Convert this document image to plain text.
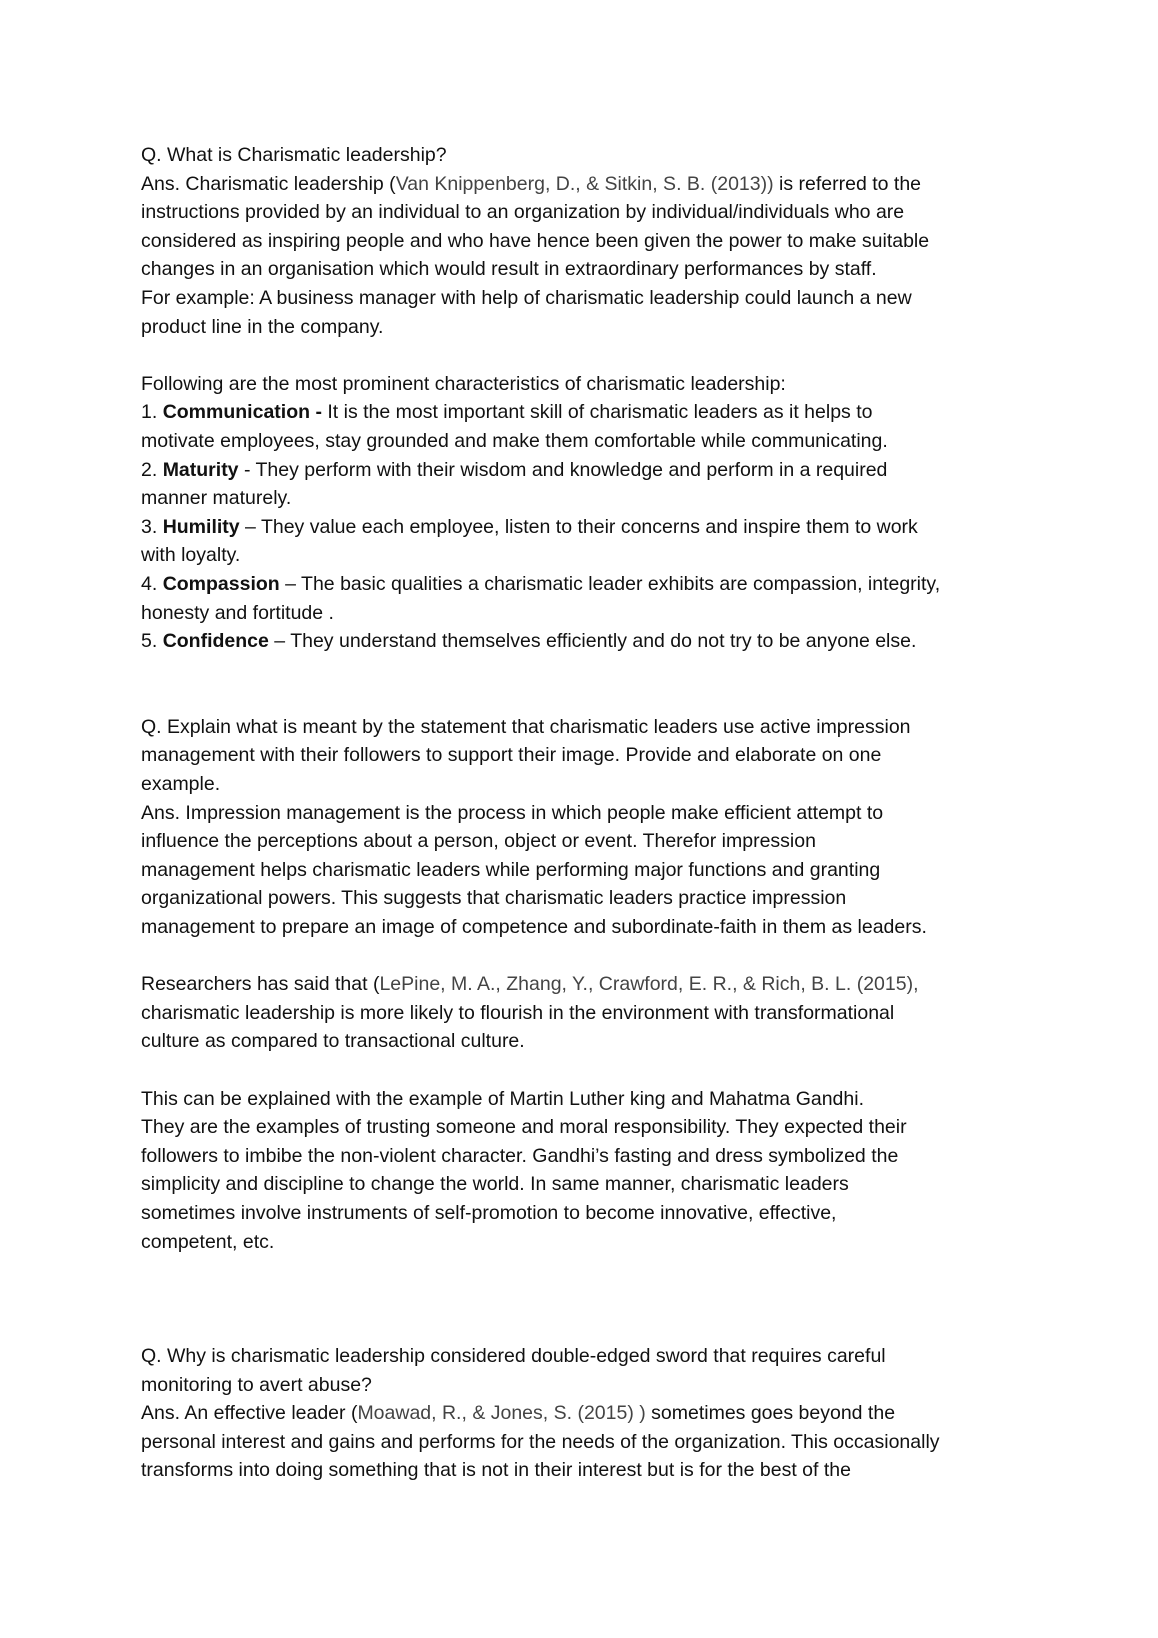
Q. What is Charismatic leadership?
Ans. Charismatic leadership (Van Knippenberg, D., & Sitkin, S. B. (2013)) is referred to the
instructions provided by an individual to an organization by individual/individuals who are
considered as inspiring people and who have hence been given the power to make suitable
changes in an organisation which would result in extraordinary performances by staff.
For example: A business manager with help of charismatic leadership could launch a new
product line in the company.
Following are the most prominent characteristics of charismatic leadership:
1. Communication - It is the most important skill of charismatic leaders as it helps to
motivate employees, stay grounded and make them comfortable while communicating.
2. Maturity - They perform with their wisdom and knowledge and perform in a required
manner maturely.
3. Humility – They value each employee, listen to their concerns and inspire them to work
with loyalty.
4. Compassion – The basic qualities a charismatic leader exhibits are compassion, integrity,
honesty and fortitude .
5. Confidence – They understand themselves efficiently and do not try to be anyone else.
Q. Explain what is meant by the statement that charismatic leaders use active impression
management with their followers to support their image. Provide and elaborate on one
example.
Ans. Impression management is the process in which people make efficient attempt to
influence the perceptions about a person, object or event. Therefor impression
management helps charismatic leaders while performing major functions and granting
organizational powers. This suggests that charismatic leaders practice impression
management to prepare an image of competence and subordinate-faith in them as leaders.
Researchers has said that (LePine, M. A., Zhang, Y., Crawford, E. R., & Rich, B. L. (2015),
charismatic leadership is more likely to flourish in the environment with transformational
culture as compared to transactional culture.
This can be explained with the example of Martin Luther king and Mahatma Gandhi.
They are the examples of trusting someone and moral responsibility. They expected their
followers to imbibe the non-violent character. Gandhi’s fasting and dress symbolized the
simplicity and discipline to change the world. In same manner, charismatic leaders
sometimes involve instruments of self-promotion to become innovative, effective,
competent, etc.
Q. Why is charismatic leadership considered double-edged sword that requires careful
monitoring to avert abuse?
Ans. An effective leader (Moawad, R., & Jones, S. (2015) ) sometimes goes beyond the
personal interest and gains and performs for the needs of the organization. This occasionally
transforms into doing something that is not in their interest but is for the best of the
